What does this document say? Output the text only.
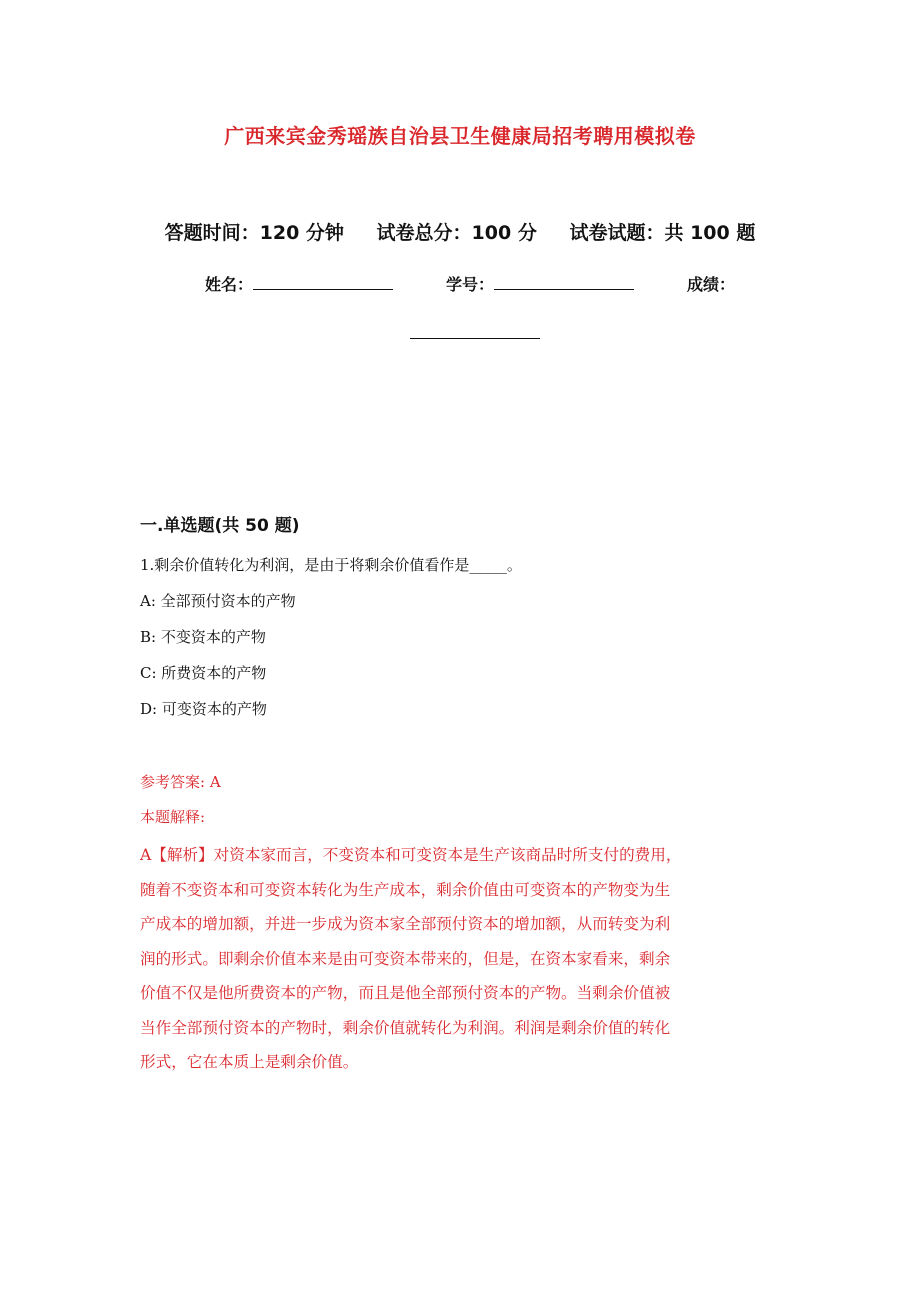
广西来宾金秀瑶族自治县卫生健康局招考聘用模拟卷
答题时间：120 分钟 试卷总分：100 分 试卷试题：共 100 题
姓名：	学号：	成绩：
一.单选题(共 50 题)
1.剩余价值转化为利润，是由于将剩余价值看作是_____。
A: 全部预付资本的产物
B: 不变资本的产物
C: 所费资本的产物
D: 可变资本的产物
参考答案: A
本题解释:
A【解析】对资本家而言，不变资本和可变资本是生产该商品时所支付的费用，
随着不变资本和可变资本转化为生产成本，剩余价值由可变资本的产物变为生
产成本的增加额，并进一步成为资本家全部预付资本的增加额，从而转变为利
润的形式。即剩余价值本来是由可变资本带来的，但是，在资本家看来，剩余
价值不仅是他所费资本的产物，而且是他全部预付资本的产物。当剩余价值被
当作全部预付资本的产物时，剩余价值就转化为利润。利润是剩余价值的转化
形式，它在本质上是剩余价值。
